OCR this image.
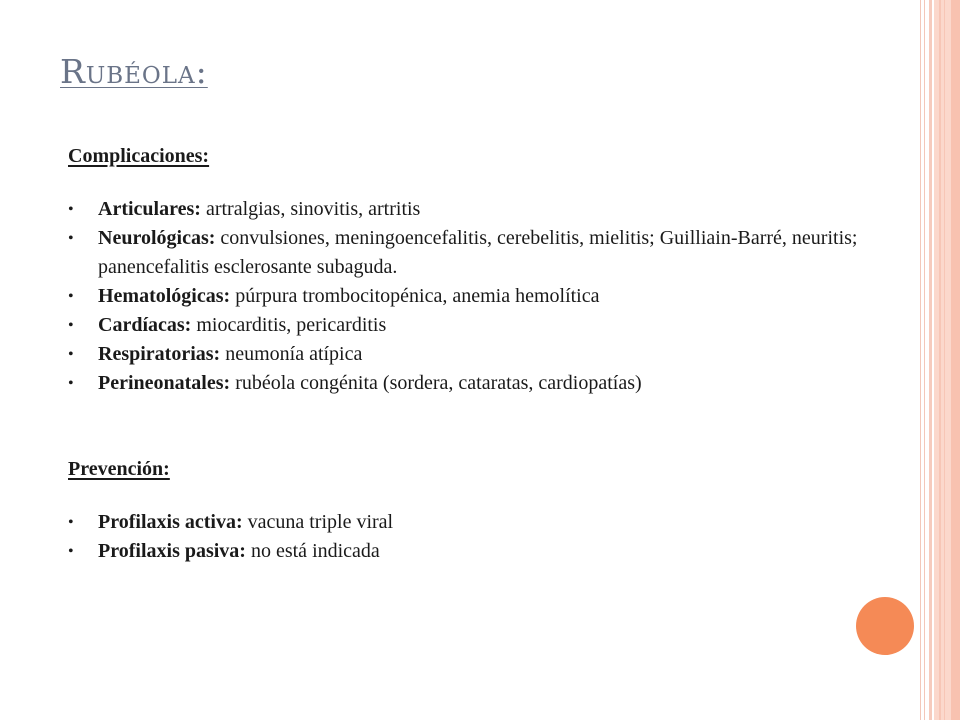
Rubéola:
Complicaciones:
• Articulares: artralgias, sinovitis, artritis
• Neurológicas: convulsiones, meningoencefalitis, cerebelitis, mielitis; Guilliain-Barré, neuritis; panencefalitis esclerosante subaguda.
• Hematológicas: púrpura trombocitopénica, anemia hemolítica
• Cardíacas: miocarditis, pericarditis
• Respiratorias: neumonía atípica
• Perineonatales: rubéola congénita (sordera, cataratas, cardiopatías)
Prevención:
• Profilaxis activa: vacuna triple viral
• Profilaxis pasiva: no está indicada
